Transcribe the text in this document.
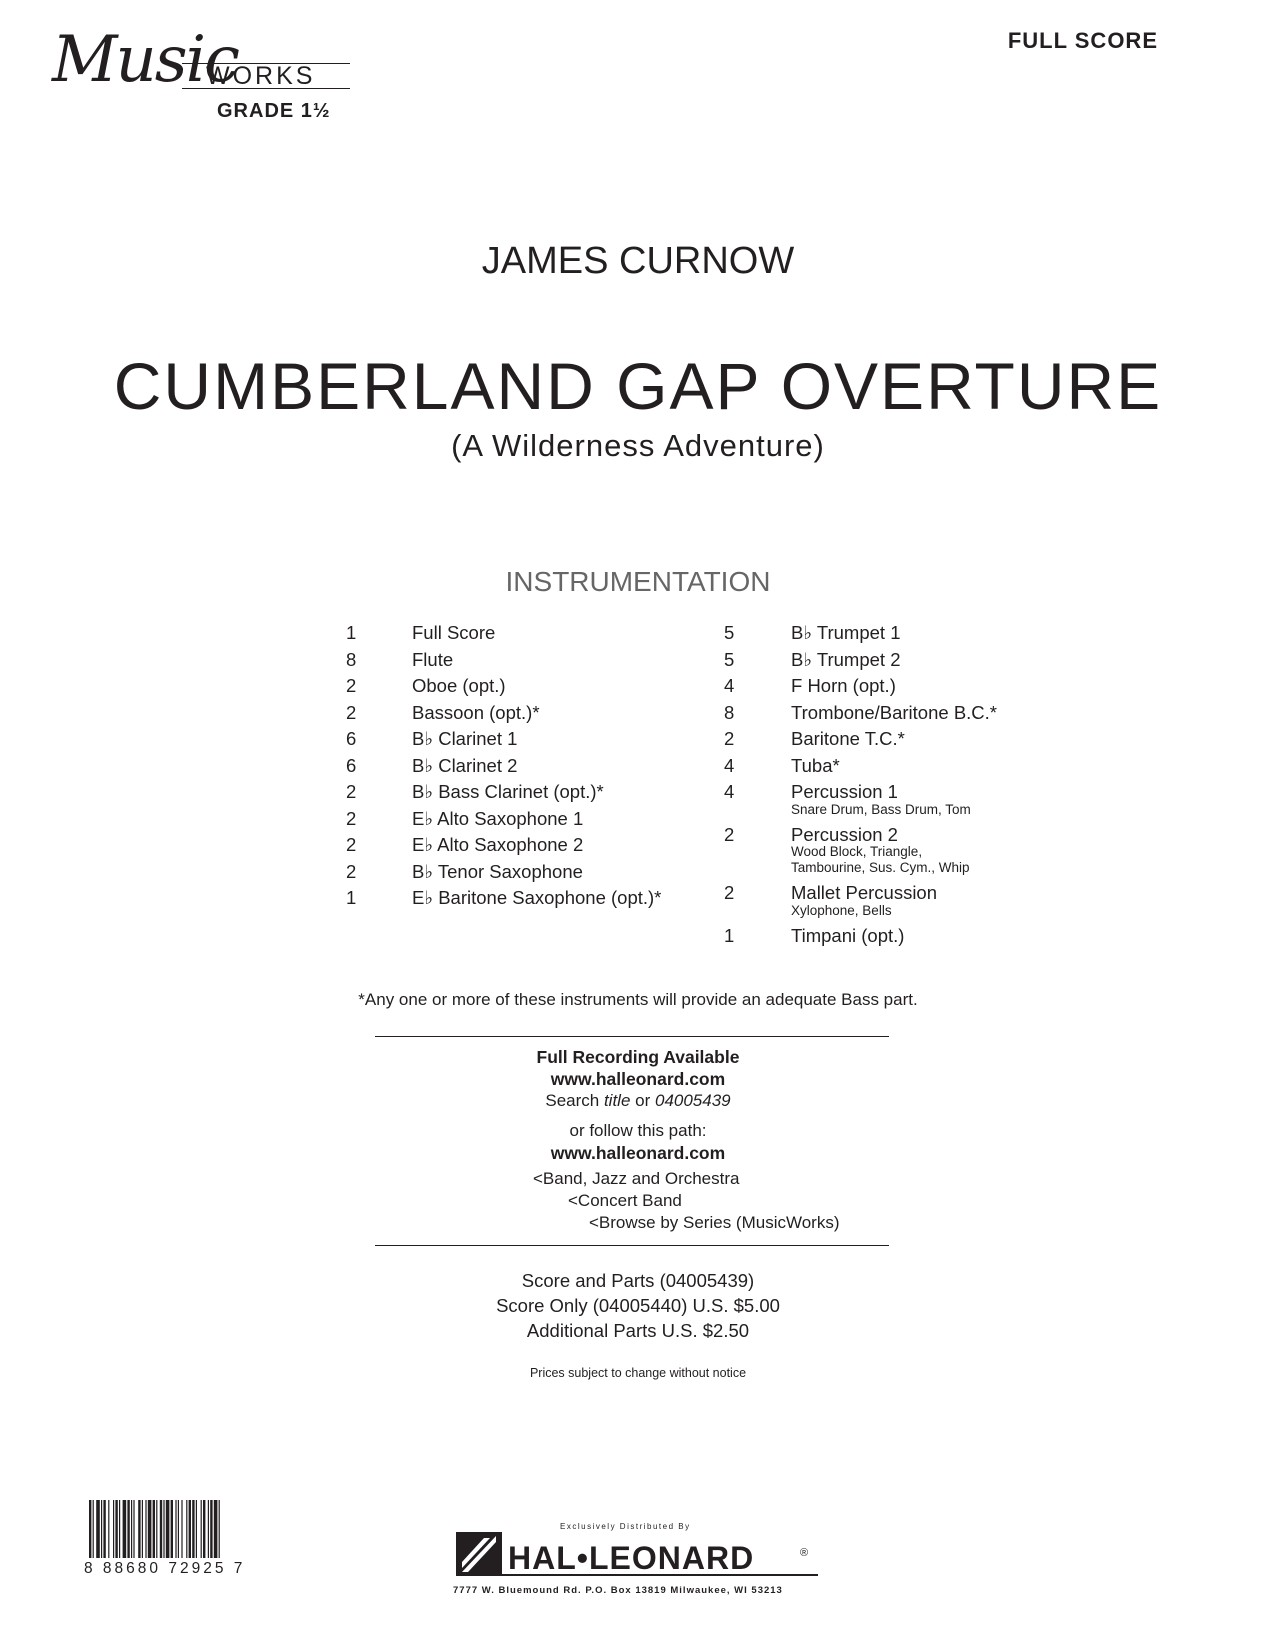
Music
WORKS
GRADE 1½
FULL SCORE
JAMES CURNOW
CUMBERLAND GAP OVERTURE
(A Wilderness Adventure)
INSTRUMENTATION
1	Full Score
8	Flute
2	Oboe (opt.)
2	Bassoon (opt.)*
6	B♭ Clarinet 1
6	B♭ Clarinet 2
2	B♭ Bass Clarinet (opt.)*
2	E♭ Alto Saxophone 1
2	E♭ Alto Saxophone 2
2	B♭ Tenor Saxophone
1	E♭ Baritone Saxophone (opt.)*
5	B♭ Trumpet 1
5	B♭ Trumpet 2
4	F Horn (opt.)
8	Trombone/Baritone B.C.*
2	Baritone T.C.*
4	Tuba*
4	Percussion 1
Snare Drum, Bass Drum, Tom
2	Percussion 2
Wood Block, Triangle,
Tambourine, Sus. Cym., Whip
2	Mallet Percussion
Xylophone, Bells
1	Timpani (opt.)
*Any one or more of these instruments will provide an adequate Bass part.
Full Recording Available
www.halleonard.com
Search title or 04005439
or follow this path:
www.halleonard.com
<Band, Jazz and Orchestra
<Concert Band
<Browse by Series (MusicWorks)
Score and Parts (04005439)
Score Only (04005440) U.S. $5.00
Additional Parts U.S. $2.50
Prices subject to change without notice
8 88680 72925 7
Exclusively Distributed By
HAL•LEONARD	®
7777 W. Bluemound Rd. P.O. Box 13819 Milwaukee, WI 53213
